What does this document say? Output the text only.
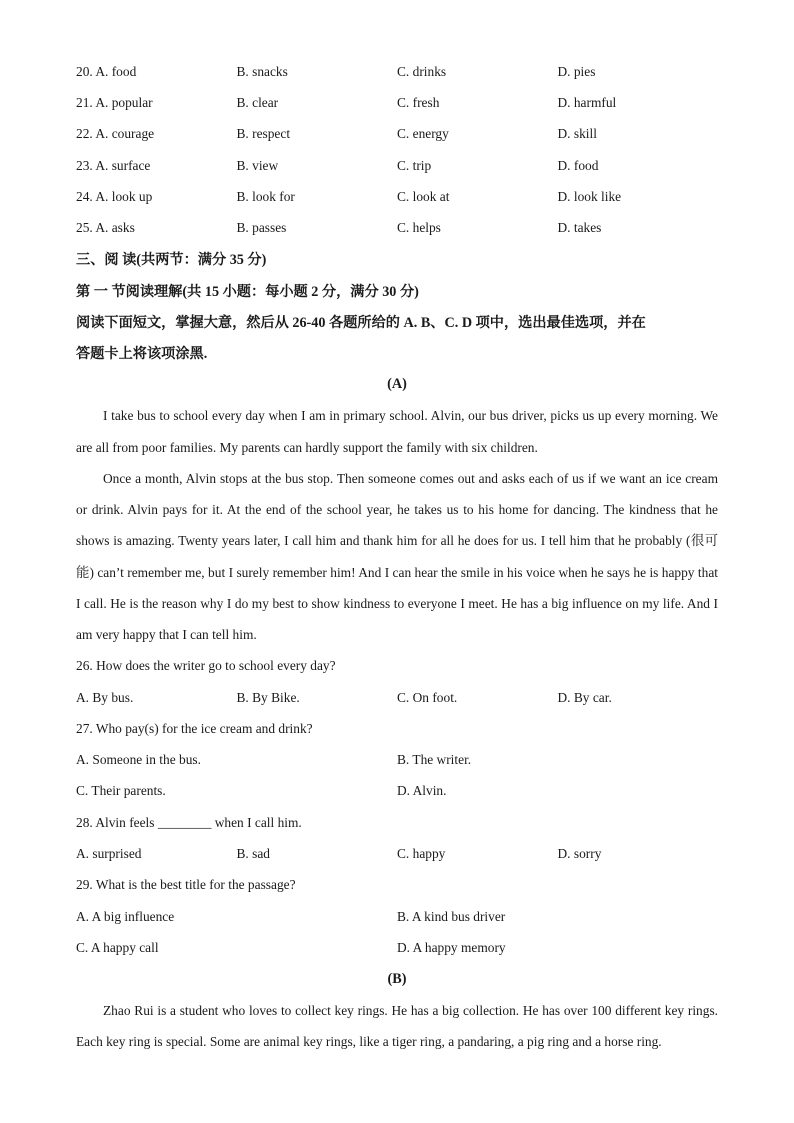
20. A. food	B. snacks	C. drinks	D. pies
21. A. popular	B. clear	C. fresh	D. harmful
22. A. courage	B. respect	C. energy	D. skill
23. A. surface	B. view	C. trip	D. food
24. A. look up	B. look for	C. look at	D. look like
25. A. asks	B. passes	C. helps	D. takes
三、阅 读(共两节：满分 35 分)
第 一 节阅读理解(共 15 小题：每小题 2 分，满分 30 分)
阅读下面短文，掌握大意，然后从 26-40 各题所给的 A. B、C. D 项中，选出最佳选项，并在
答题卡上将该项涂黑.
(A)

I take bus to school every day when I am in primary school. Alvin, our bus driver, picks us up every morning. We are all from poor families. My parents can hardly support the family with six children.

Once a month, Alvin stops at the bus stop. Then someone comes out and asks each of us if we want an ice cream or drink. Alvin pays for it. At the end of the school year, he takes us to his home for dancing. The kindness that he shows is amazing. Twenty years later, I call him and thank him for all he does for us. I tell him that he probably (很可能) can’t remember me, but I surely remember him! And I can hear the smile in his voice when he says he is happy that I call. He is the reason why I do my best to show kindness to everyone I meet. He has a big influence on my life. And I am very happy that I can tell him.

26. How does the writer go to school every day?
A. By bus.	B. By Bike.	C. On foot.	D. By car.
27. Who pay(s) for the ice cream and drink?
A. Someone in the bus.	B. The writer.
C. Their parents.	D. Alvin.
28. Alvin feels ________ when I call him.
A. surprised	B. sad	C. happy	D. sorry
29. What is the best title for the passage?
A. A big influence	B. A kind bus driver
C. A happy call	D. A happy memory
(B)

Zhao Rui is a student who loves to collect key rings. He has a big collection. He has over 100 different key rings. Each key ring is special. Some are animal key rings, like a tiger ring, a pandaring, a pig ring and a horse ring.
